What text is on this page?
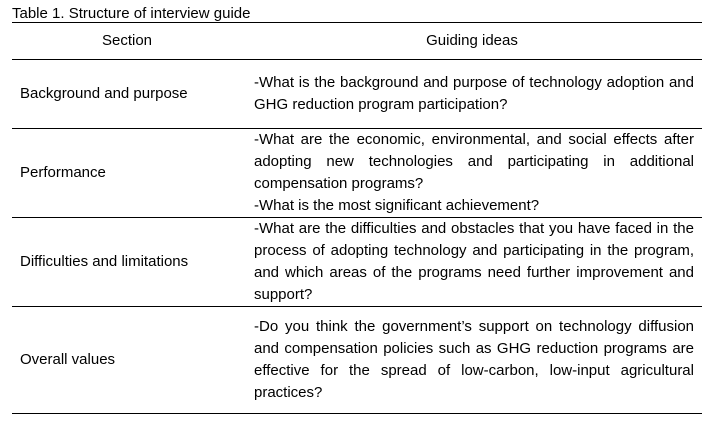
Table 1. Structure of interview guide
Section	Guiding ideas
Background and purpose	-What is the background and purpose of technology adoption and GHG reduction program participation?

Performance	-What are the economic, environmental, and social effects after adopting new technologies and participating in additional compensation programs?
-What is the most significant achievement?

Difficulties and limitations	-What are the difficulties and obstacles that you have faced in the process of adopting technology and participating in the program, and which areas of the programs need further improvement and support?

Overall values	-Do you think the government’s support on technology diffusion and compensation policies such as GHG reduction programs are effective for the spread of low-carbon, low-input agricultural practices?
